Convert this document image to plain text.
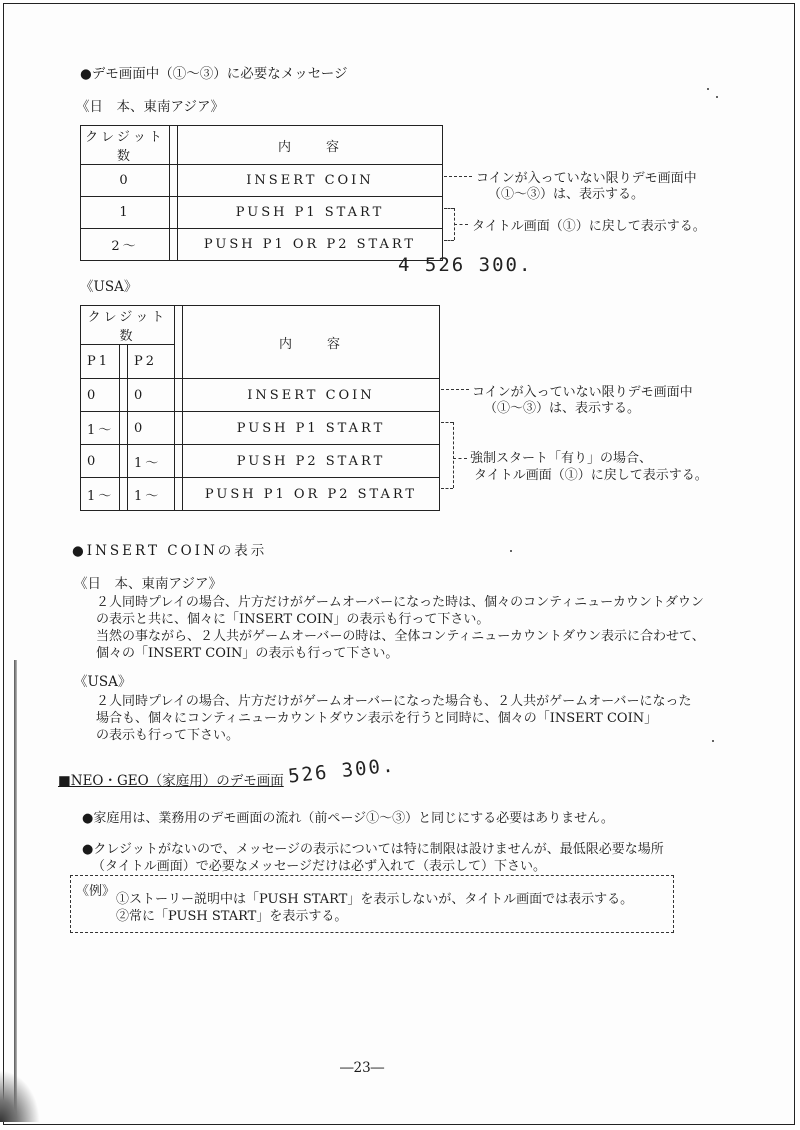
●デモ画面中（①〜③）に必要なメッセージ
《日　本、東南アジア》
クレジット数		内　　容
0		INSERT COIN
1		PUSH P1 START
2〜		PUSH P1 OR P2 START
コインが入っていない限りデモ画面中
（①〜③）は、表示する。
タイトル画面（①）に戻して表示する。
4 526 300.
《USA》
クレジット数				内　　容
P1		P2		
0		0		INSERT COIN
1〜		0		PUSH P1 START
0		1〜		PUSH P2 START
1〜		1〜		PUSH P1 OR P2 START
コインが入っていない限りデモ画面中
（①〜③）は、表示する。
強制スタート「有り」の場合、
タイトル画面（①）に戻して表示する。
●INSERT COINの表示
《日　本、東南アジア》
２人同時プレイの場合、片方だけがゲームオーバーになった時は、個々のコンティニューカウントダウン
の表示と共に、個々に「INSERT COIN」の表示も行って下さい。
当然の事ながら、２人共がゲームオーバーの時は、全体コンティニューカウントダウン表示に合わせて、
個々の「INSERT COIN」の表示も行って下さい。
《USA》
２人同時プレイの場合、片方だけがゲームオーバーになった場合も、２人共がゲームオーバーになった
場合も、個々にコンティニューカウントダウン表示を行うと同時に、個々の「INSERT COIN」
の表示も行って下さい。
■NEO・GEO（家庭用）のデモ画面 526 300.
●家庭用は、業務用のデモ画面の流れ（前ページ①〜③）と同じにする必要はありません。
●クレジットがないので、メッセージの表示については特に制限は設けませんが、最低限必要な場所
（タイトル画面）で必要なメッセージだけは必ず入れて（表示して）下さい。
《例》
①ストーリー説明中は「PUSH START」を表示しないが、タイトル画面では表示する。
②常に「PUSH START」を表示する。
―23―
